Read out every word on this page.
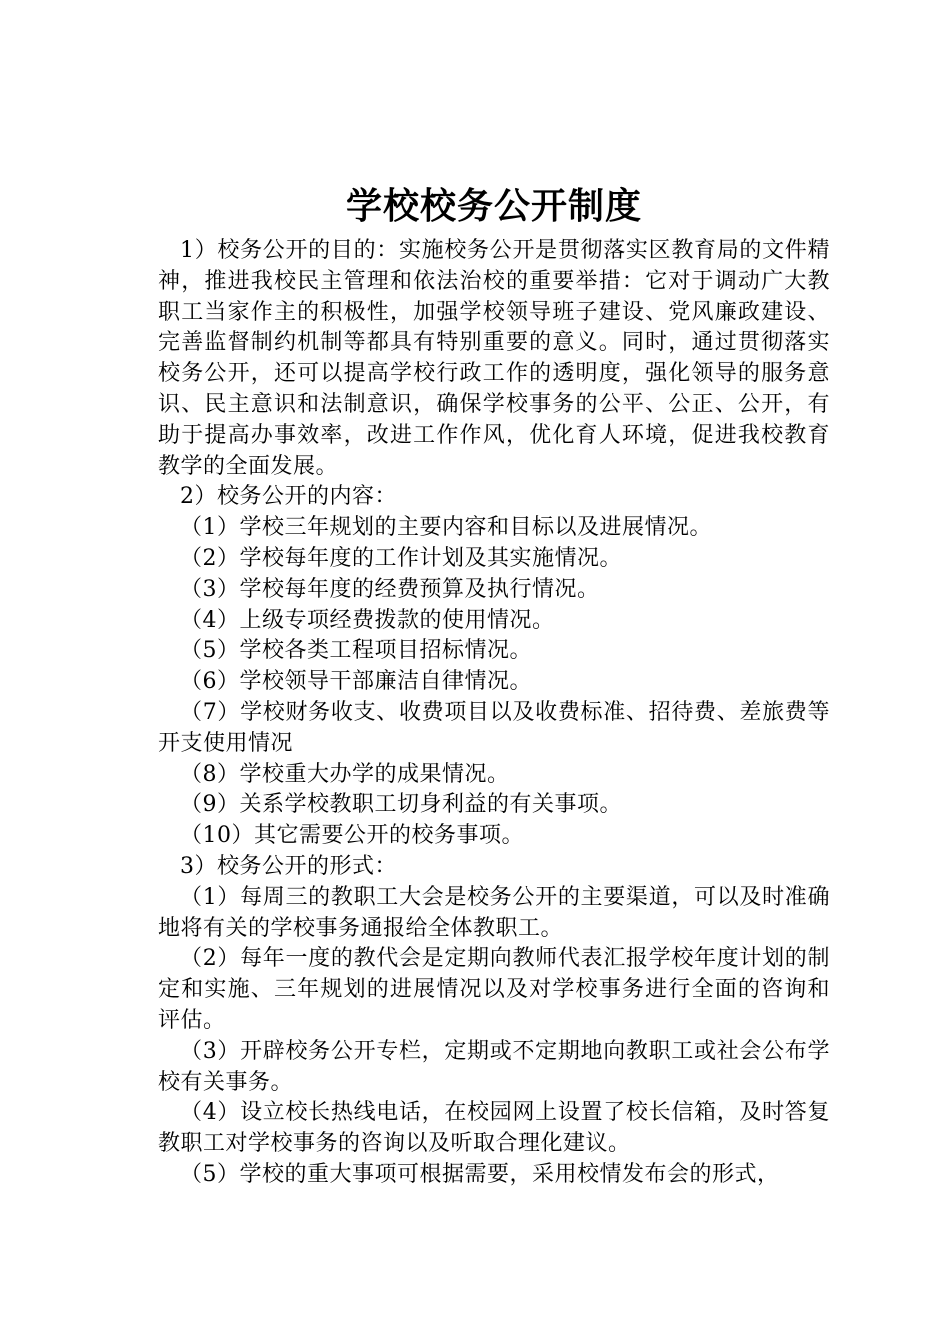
学校校务公开制度

1）校务公开的目的：实施校务公开是贯彻落实区教育局的文件精神，推进我校民主管理和依法治校的重要举措：它对于调动广大教职工当家作主的积极性，加强学校领导班子建设、党风廉政建设、完善监督制约机制等都具有特别重要的意义。同时，通过贯彻落实校务公开，还可以提高学校行政工作的透明度，强化领导的服务意识、民主意识和法制意识，确保学校事务的公平、公正、公开，有助于提高办事效率，改进工作作风，优化育人环境，促进我校教育教学的全面发展。

2）校务公开的内容：

（1）学校三年规划的主要内容和目标以及进展情况。

（2）学校每年度的工作计划及其实施情况。

（3）学校每年度的经费预算及执行情况。

（4）上级专项经费拨款的使用情况。

（5）学校各类工程项目招标情况。

（6）学校领导干部廉洁自律情况。

（7）学校财务收支、收费项目以及收费标准、招待费、差旅费等开支使用情况

（8）学校重大办学的成果情况。

（9）关系学校教职工切身利益的有关事项。

（10）其它需要公开的校务事项。

3）校务公开的形式：

（1）每周三的教职工大会是校务公开的主要渠道，可以及时准确地将有关的学校事务通报给全体教职工。

（2）每年一度的教代会是定期向教师代表汇报学校年度计划的制定和实施、三年规划的进展情况以及对学校事务进行全面的咨询和评估。

（3）开辟校务公开专栏，定期或不定期地向教职工或社会公布学校有关事务。

（4）设立校长热线电话，在校园网上设置了校长信箱，及时答复教职工对学校事务的咨询以及听取合理化建议。

（5）学校的重大事项可根据需要，采用校情发布会的形式，
